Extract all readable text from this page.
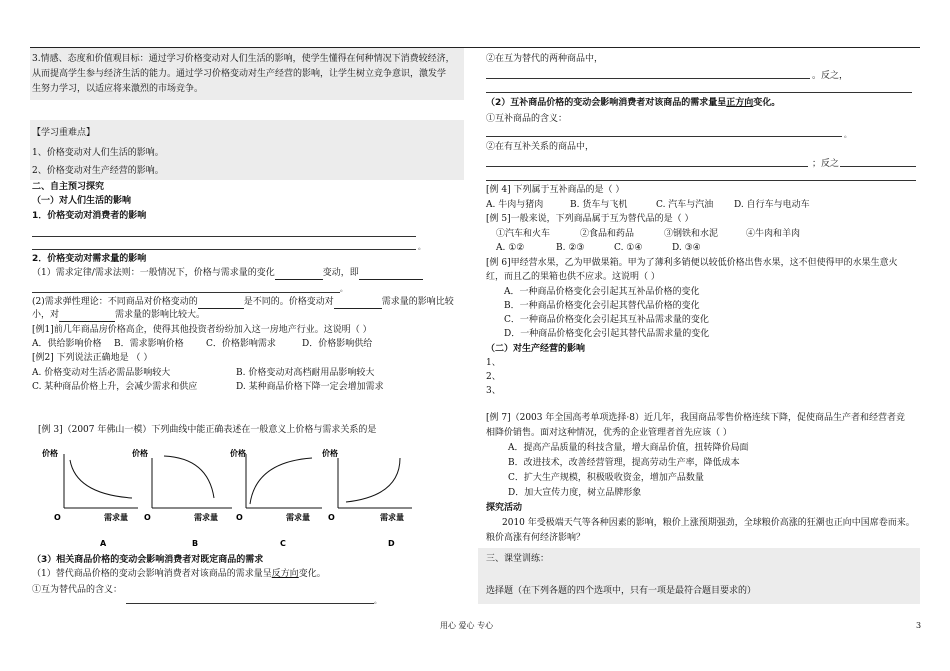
3.情感、态度和价值观目标：通过学习价格变动对人们生活的影响，使学生懂得在何种情况下消费较经济，
从而提高学生参与经济生活的能力。通过学习价格变动对生产经营的影响，让学生树立竞争意识，激发学
生努力学习，以适应将来激烈的市场竞争。
【学习重难点】
1、价格变动对人们生活的影响。
2、价格变动对生产经营的影响。
二、自主预习探究
（一）对人们生活的影响
1．价格变动对消费者的影响
。
2．价格变动对需求量的影响
（1）需求定律/需求法则：一般情况下，价格与需求量的变化	变动，即
。
(2)需求弹性理论：不同商品对价格变动的	是不同的。价格变动对	需求量的影响比较
小，对	需求量的影响比较大。
[例1]前几年商品房价格高企，使得其他投资者纷纷加入这一房地产行业。这说明（ ）
A．供给影响价格 B．需求影响价格 C．价格影响需求	D．价格影响供给
[例2] 下列说法正确地是 （ ）
A. 价格变动对生活必需品影响较大	B. 价格变动对高档耐用品影响较大
C. 某种商品价格上升，会减少需求和供应	D. 某种商品价格下降一定会增加需求
[例 3]（2007 年佛山一模）下列曲线中能正确表述在一般意义上价格与需求关系的是
价格
O	需求量
价格
O	需求量
价格
O	需求量
价格
O	需求量
A	B	C	D
（3）相关商品价格的变动会影响消费者对既定商品的需求
（1）替代商品价格的变动会影响消费者对该商品的需求量呈反方向变化。
①互为替代品的含义：
。
②在互为替代的两种商品中，
。反之，
（2）互补商品价格的变动会影响消费者对该商品的需求量呈正方向变化。
①互补商品的含义：
。
②在有互补关系的商品中，
；反之
[例 4] 下列属于互补商品的是（ ）
A. 牛肉与猪肉	B. 货车与飞机	C. 汽车与汽油 D. 自行车与电动车
[例 5]一般来说，下列商品属于互为替代品的是（ ）
①汽车和火车	②食品和药品	③钢铁和水泥	④牛肉和羊肉
A. ①②	B. ②③	C. ①④	D. ③④
[例 6]甲经营水果，乙为甲做果箱。甲为了薄利多销便以较低价格出售水果，这不但使得甲的水果生意火
红，而且乙的果箱也供不应求。这说明（ ）
A．一种商品价格变化会引起其互补品价格的变化
B．一种商品价格变化会引起其替代品价格的变化
C．一种商品价格变化会引起其互补品需求量的变化
D．一种商品价格变化会引起其替代品需求量的变化
（二）对生产经营的影响
1、
2、
3、
[例 7]（2003 年全国高考单项选择·8）近几年，我国商品零售价格连续下降，促使商品生产者和经营者竞
相降价销售。面对这种情况，优秀的企业管理者首先应该（ ）
A．提高产品质量的科技含量，增大商品价值，扭转降价局面
B．改进技术，改善经营管理，提高劳动生产率，降低成本
C．扩大生产规模，积极吸收资金，增加产品数量
D．加大宣传力度，树立品牌形象
探究活动
2010 年受极端天气等各种因素的影响，粮价上涨预期强劲，全球粮价高涨的狂潮也正向中国席卷而来。
粮价高涨有何经济影响？
三、课堂训练：
选择题（在下列各题的四个选项中，只有一项是最符合题目要求的）
用心 爱心 专心	3
